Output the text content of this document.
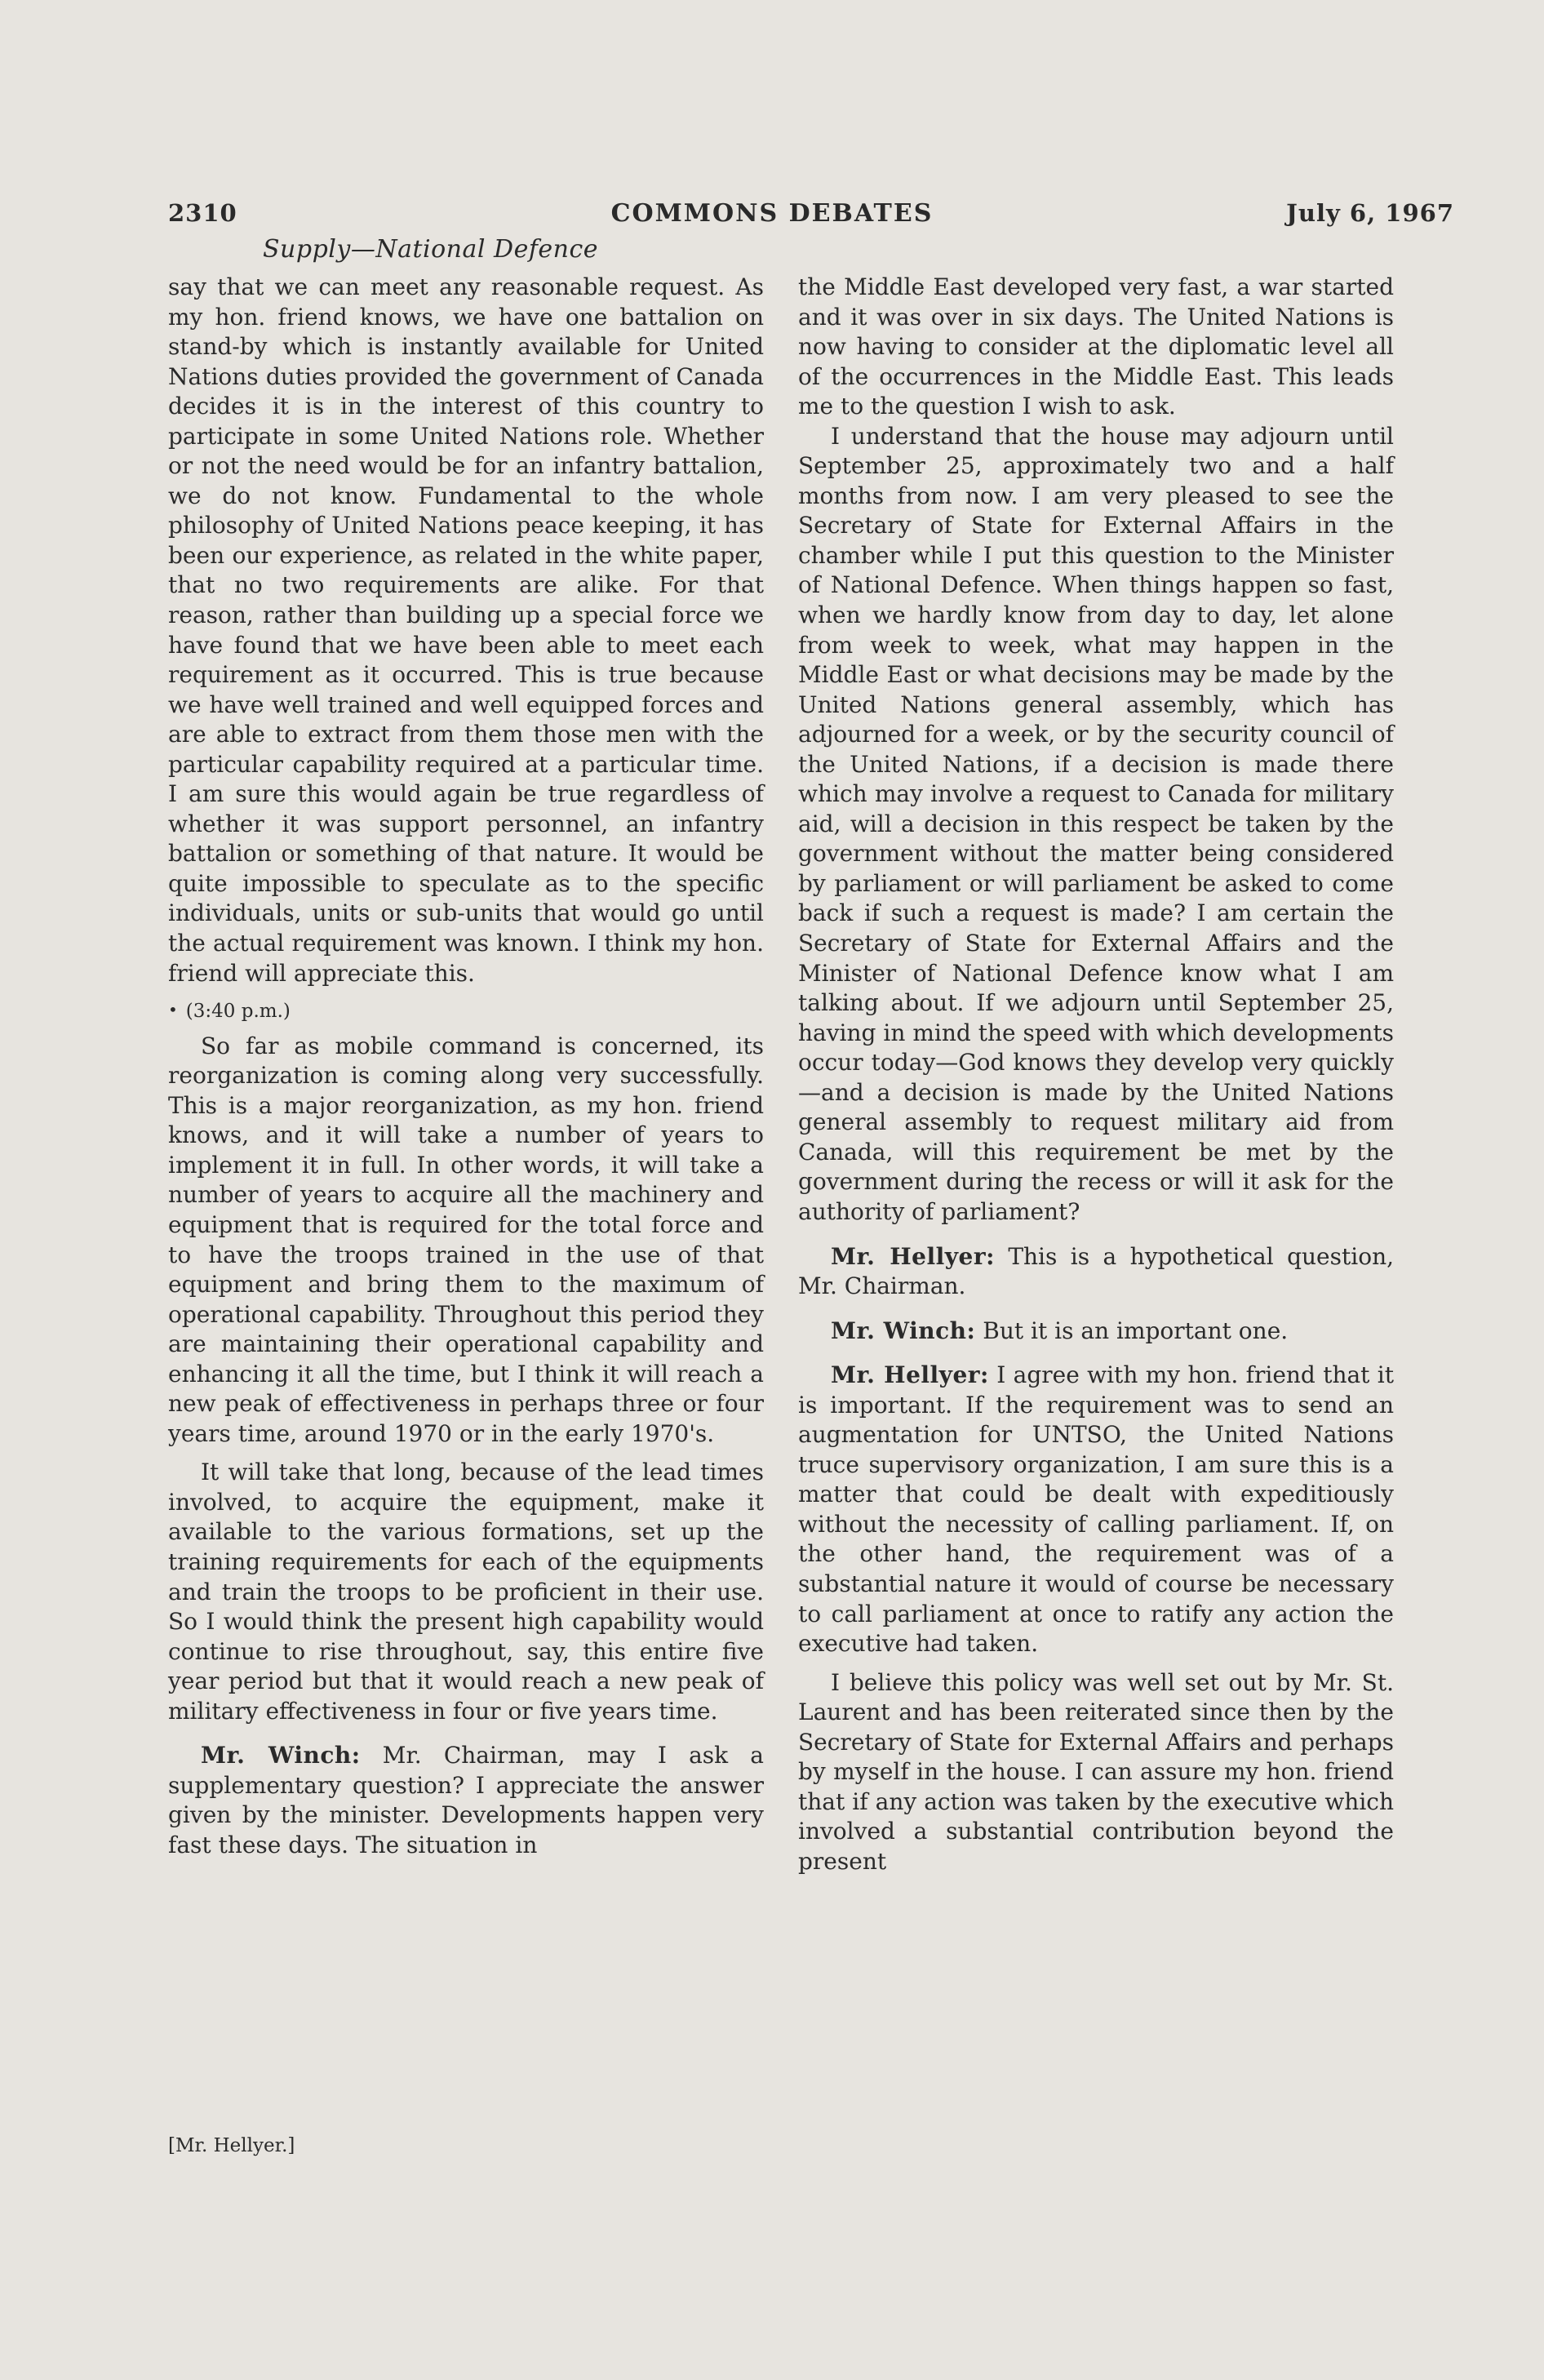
2310	COMMONS DEBATES	July 6, 1967
Supply—National Defence

say that we can meet any reasonable request. As my hon. friend knows, we have one battalion on stand-by which is instantly available for United Nations duties provided the government of Canada decides it is in the interest of this country to participate in some United Nations role. Whether or not the need would be for an infantry battalion, we do not know. Fundamental to the whole philosophy of United Nations peace keeping, it has been our experience, as related in the white paper, that no two requirements are alike. For that reason, rather than building up a special force we have found that we have been able to meet each requirement as it occurred. This is true because we have well trained and well equipped forces and are able to extract from them those men with the particular capability required at a particular time. I am sure this would again be true regardless of whether it was support personnel, an infantry battalion or something of that nature. It would be quite impossible to speculate as to the specific individuals, units or sub-units that would go until the actual requirement was known. I think my hon. friend will appreciate this.

• (3:40 p.m.)

So far as mobile command is concerned, its reorganization is coming along very successfully. This is a major reorganization, as my hon. friend knows, and it will take a number of years to implement it in full. In other words, it will take a number of years to acquire all the machinery and equipment that is required for the total force and to have the troops trained in the use of that equipment and bring them to the maximum of operational capability. Throughout this period they are maintaining their operational capability and enhancing it all the time, but I think it will reach a new peak of effectiveness in perhaps three or four years time, around 1970 or in the early 1970's.

It will take that long, because of the lead times involved, to acquire the equipment, make it available to the various formations, set up the training requirements for each of the equipments and train the troops to be proficient in their use. So I would think the present high capability would continue to rise throughout, say, this entire five year period but that it would reach a new peak of military effectiveness in four or five years time.

Mr. Winch: Mr. Chairman, may I ask a supplementary question? I appreciate the answer given by the minister. Developments happen very fast these days. The situation in

the Middle East developed very fast, a war started and it was over in six days. The United Nations is now having to consider at the diplomatic level all of the occurrences in the Middle East. This leads me to the question I wish to ask.

I understand that the house may adjourn until September 25, approximately two and a half months from now. I am very pleased to see the Secretary of State for External Affairs in the chamber while I put this question to the Minister of National Defence. When things happen so fast, when we hardly know from day to day, let alone from week to week, what may happen in the Middle East or what decisions may be made by the United Nations general assembly, which has adjourned for a week, or by the security council of the United Nations, if a decision is made there which may involve a request to Canada for military aid, will a decision in this respect be taken by the government without the matter being considered by parliament or will parliament be asked to come back if such a request is made? I am certain the Secretary of State for External Affairs and the Minister of National Defence know what I am talking about. If we adjourn until September 25, having in mind the speed with which developments occur today—God knows they develop very quickly—and a decision is made by the United Nations general assembly to request military aid from Canada, will this requirement be met by the government during the recess or will it ask for the authority of parliament?

Mr. Hellyer: This is a hypothetical question, Mr. Chairman.

Mr. Winch: But it is an important one.

Mr. Hellyer: I agree with my hon. friend that it is important. If the requirement was to send an augmentation for UNTSO, the United Nations truce supervisory organization, I am sure this is a matter that could be dealt with expeditiously without the necessity of calling parliament. If, on the other hand, the requirement was of a substantial nature it would of course be necessary to call parliament at once to ratify any action the executive had taken.

I believe this policy was well set out by Mr. St. Laurent and has been reiterated since then by the Secretary of State for External Affairs and perhaps by myself in the house. I can assure my hon. friend that if any action was taken by the executive which involved a substantial contribution beyond the present

[Mr. Hellyer.]
